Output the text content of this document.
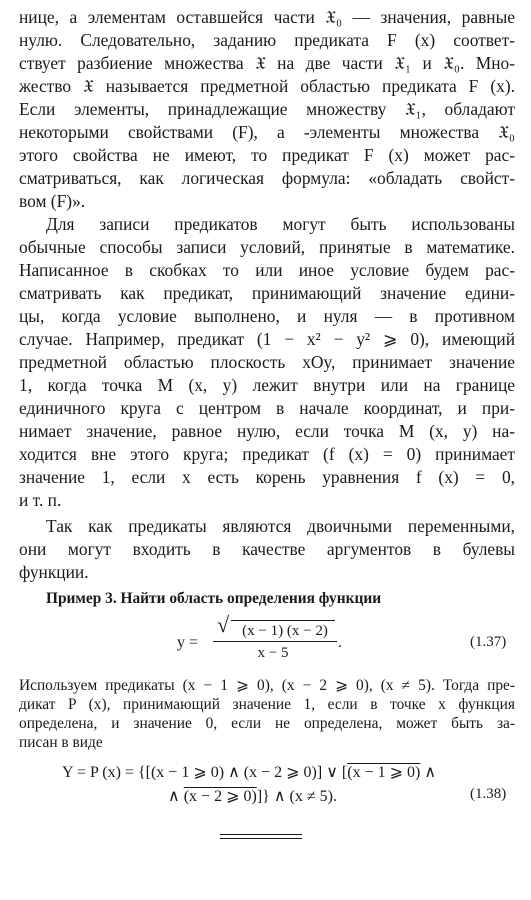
нице, а элементам оставшейся части 𝔛₀ — значения, равные
нулю. Следовательно, заданию предиката F (x) соответ-
ствует разбиение множества 𝔛 на две части 𝔛₁ и 𝔛₀. Мно-
жество 𝔛 называется предметной областью предиката F (x).
Если элементы, принадлежащие множеству 𝔛₁, обладают
некоторыми свойствами (F), а -элементы множества 𝔛₀
этого свойства не имеют, то предикат F (x) может рас-
сматриваться, как логическая формула: «обладать свойст-
вом (F)».
Для записи предикатов могут быть использованы
обычные способы записи условий, принятые в математике.
Написанное в скобках то или иное условие будем рас-
сматривать как предикат, принимающий значение едини-
цы, когда условие выполнено, и нуля — в противном
случае. Например, предикат (1 − x² − y² ⩾ 0), имеющий
предметной областью плоскость xOy, принимает значение
1, когда точка M (x, y) лежит внутри или на границе
единичного круга с центром в начале координат, и при-
нимает значение, равное нулю, если точка M (x, y) на-
ходится вне этого круга; предикат (f (x) = 0) принимает
значение 1, если x есть корень уравнения f (x) = 0,
и т. п.
Так как предикаты являются двоичными переменными,
они могут входить в качестве аргументов в булевы
функции.
Пример 3. Найти область определения функции
y =
√ (x − 1) (x − 2)
x − 5
.	(1.37)
Используем предикаты (x − 1 ⩾ 0), (x − 2 ⩾ 0), (x ≠ 5). Тогда пре-
дикат P (x), принимающий значение 1, если в точке x функция
определена, и значение 0, если не определена, может быть за-
писан в виде
Y = P (x) = {[(x − 1 ⩾ 0) ∧ (x − 2 ⩾ 0)] ∨ [(x − 1 ⩾ 0) ∧
∧ (x − 2 ⩾ 0)]} ∧ (x ≠ 5).	(1.38)
